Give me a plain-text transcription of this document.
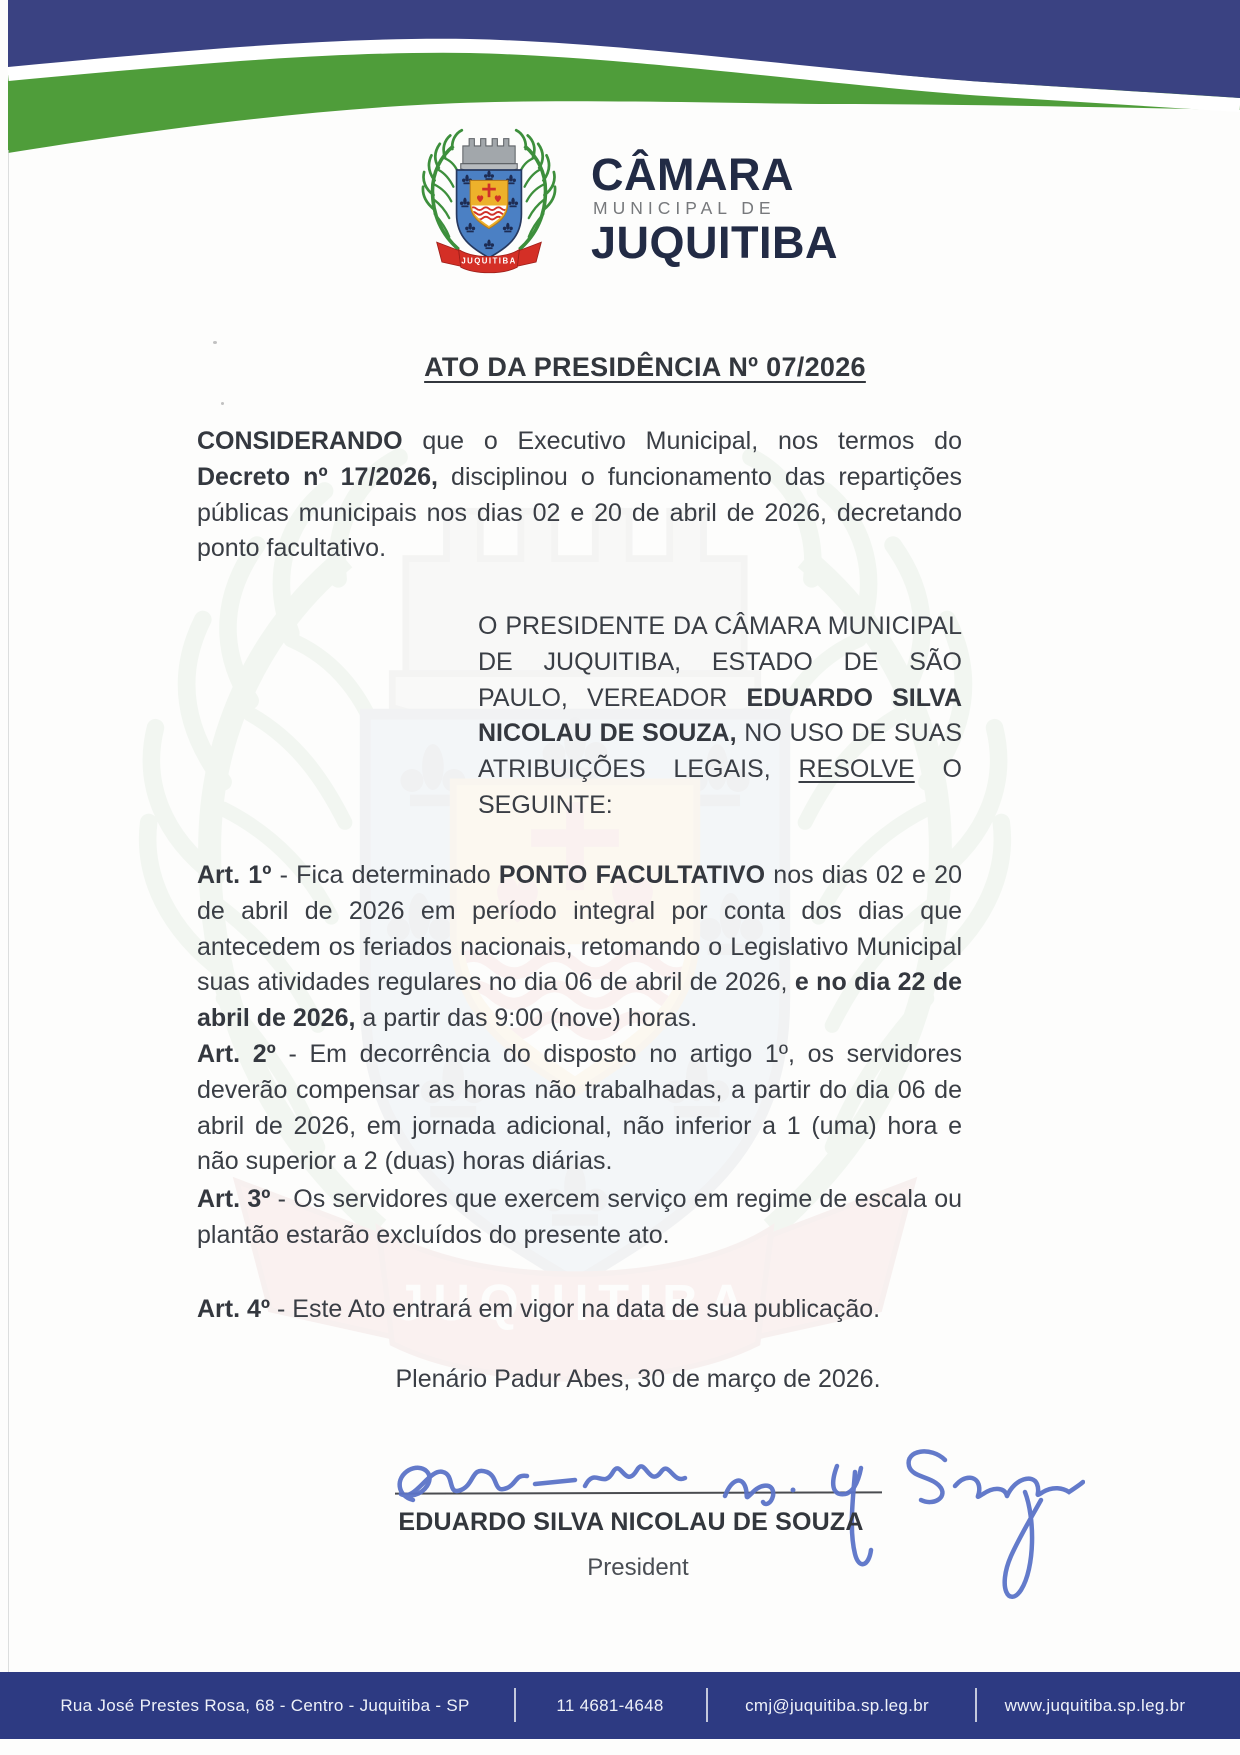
CÂMARA
MUNICIPAL DE
JUQUITIBA
ATO DA PRESIDÊNCIA Nº 07/2026
CONSIDERANDO que o Executivo Municipal, nos termos do Decreto nº 17/2026, disciplinou o funcionamento das repartições públicas municipais nos dias 02 e 20 de abril de 2026, decretando ponto facultativo.
O PRESIDENTE DA CÂMARA MUNICIPAL DE JUQUITIBA, ESTADO DE SÃO PAULO, VEREADOR EDUARDO SILVA NICOLAU DE SOUZA, NO USO DE SUAS ATRIBUIÇÕES LEGAIS, RESOLVE O SEGUINTE:
Art. 1º - Fica determinado PONTO FACULTATIVO nos dias 02 e 20 de abril de 2026 em período integral por conta dos dias que antecedem os feriados nacionais, retomando o Legislativo Municipal suas atividades regulares no dia 06 de abril de 2026, e no dia 22 de abril de 2026, a partir das 9:00 (nove) horas.
Art. 2º - Em decorrência do disposto no artigo 1º, os servidores deverão compensar as horas não trabalhadas, a partir do dia 06 de abril de 2026, em jornada adicional, não inferior a 1 (uma) hora e não superior a 2 (duas) horas diárias.
Art. 3º - Os servidores que exercem serviço em regime de escala ou plantão estarão excluídos do presente ato.
Art. 4º - Este Ato entrará em vigor na data de sua publicação.
Plenário Padur Abes, 30 de março de 2026.
EDUARDO SILVA NICOLAU DE SOUZA
President
Rua José Prestes Rosa, 68 - Centro - Juquitiba - SP	11 4681-4648	cmj@juquitiba.sp.leg.br	www.juquitiba.sp.leg.br
